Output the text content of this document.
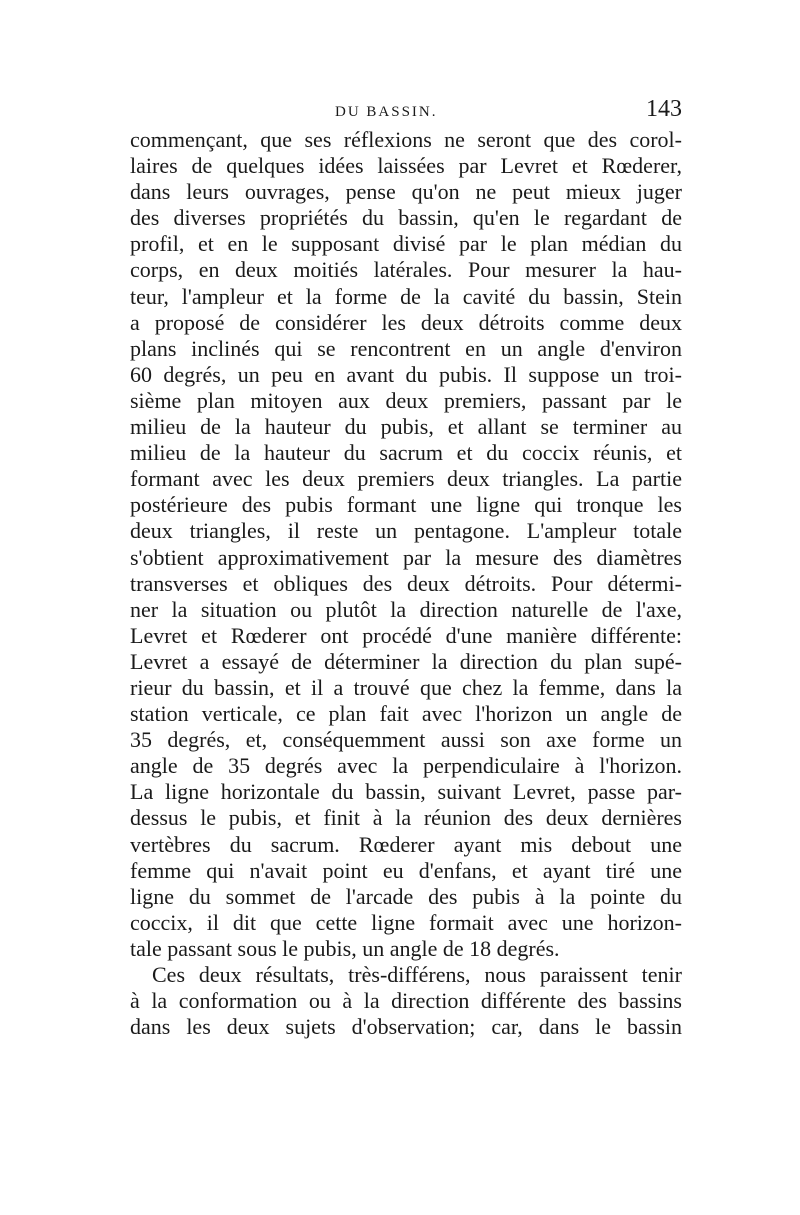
DU BASSIN.	143
commençant, que ses réflexions ne seront que des corol-
laires de quelques idées laissées par Levret et Rœderer,
dans leurs ouvrages, pense qu'on ne peut mieux juger
des diverses propriétés du bassin, qu'en le regardant de
profil, et en le supposant divisé par le plan médian du
corps, en deux moitiés latérales. Pour mesurer la hau-
teur, l'ampleur et la forme de la cavité du bassin, Stein
a proposé de considérer les deux détroits comme deux
plans inclinés qui se rencontrent en un angle d'environ
60 degrés, un peu en avant du pubis. Il suppose un troi-
sième plan mitoyen aux deux premiers, passant par le
milieu de la hauteur du pubis, et allant se terminer au
milieu de la hauteur du sacrum et du coccix réunis, et
formant avec les deux premiers deux triangles. La partie
postérieure des pubis formant une ligne qui tronque les
deux triangles, il reste un pentagone. L'ampleur totale
s'obtient approximativement par la mesure des diamètres
transverses et obliques des deux détroits. Pour détermi-
ner la situation ou plutôt la direction naturelle de l'axe,
Levret et Rœderer ont procédé d'une manière différente:
Levret a essayé de déterminer la direction du plan supé-
rieur du bassin, et il a trouvé que chez la femme, dans la
station verticale, ce plan fait avec l'horizon un angle de
35 degrés, et, conséquemment aussi son axe forme un
angle de 35 degrés avec la perpendiculaire à l'horizon.
La ligne horizontale du bassin, suivant Levret, passe par-
dessus le pubis, et finit à la réunion des deux dernières
vertèbres du sacrum. Rœderer ayant mis debout une
femme qui n'avait point eu d'enfans, et ayant tiré une
ligne du sommet de l'arcade des pubis à la pointe du
coccix, il dit que cette ligne formait avec une horizon-
tale passant sous le pubis, un angle de 18 degrés.
Ces deux résultats, très-différens, nous paraissent tenir
à la conformation ou à la direction différente des bassins
dans les deux sujets d'observation; car, dans le bassin
